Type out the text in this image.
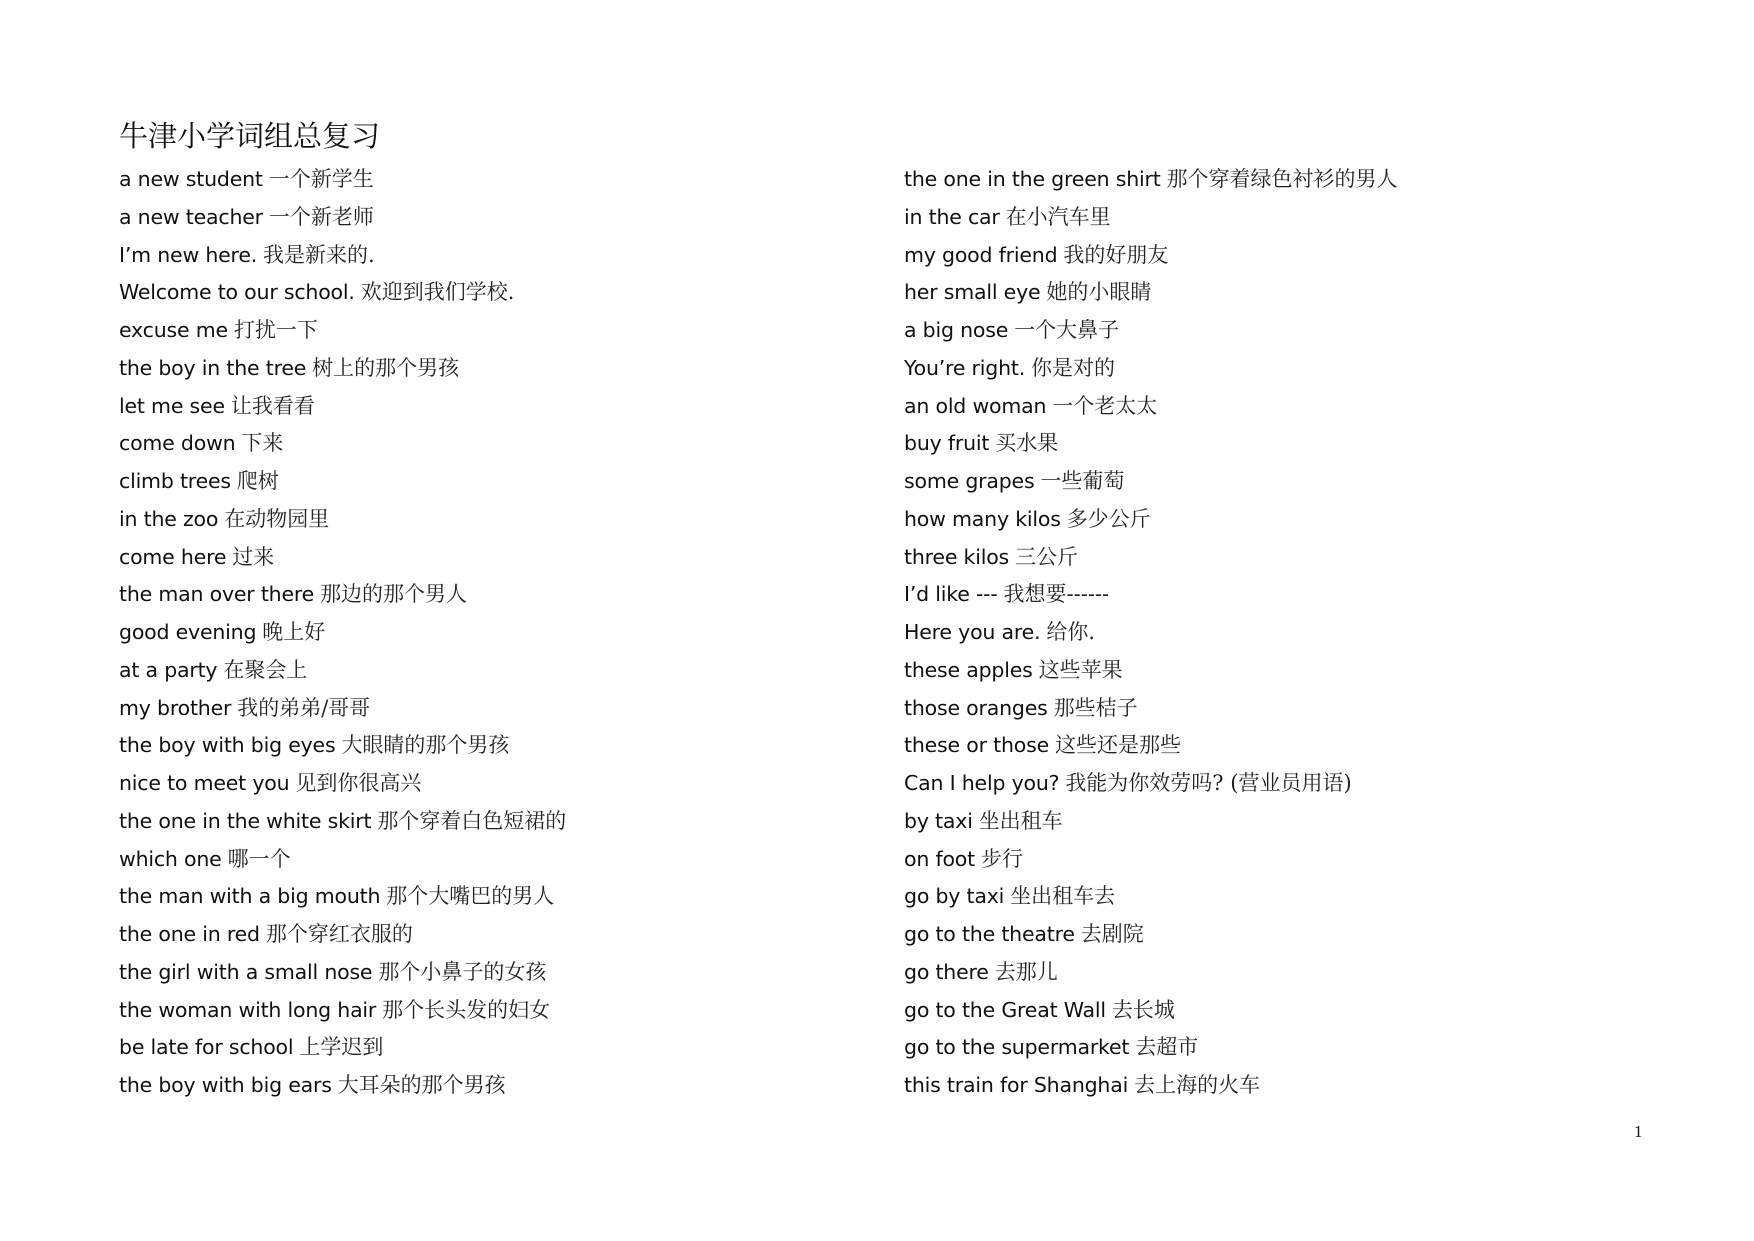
牛津小学词组总复习
a new student 一个新学生
a new teacher 一个新老师
I’m new here. 我是新来的.
Welcome to our school. 欢迎到我们学校.
excuse me 打扰一下
the boy in the tree 树上的那个男孩
let me see 让我看看
come down 下来
climb trees 爬树
in the zoo 在动物园里
come here 过来
the man over there 那边的那个男人
good evening 晚上好
at a party 在聚会上
my brother 我的弟弟/哥哥
the boy with big eyes 大眼睛的那个男孩
nice to meet you 见到你很高兴
the one in the white skirt 那个穿着白色短裙的
which one 哪一个
the man with a big mouth 那个大嘴巴的男人
the one in red 那个穿红衣服的
the girl with a small nose 那个小鼻子的女孩
the woman with long hair 那个长头发的妇女
be late for school 上学迟到
the boy with big ears 大耳朵的那个男孩
the one in the green shirt 那个穿着绿色衬衫的男人
in the car 在小汽车里
my good friend 我的好朋友
her small eye 她的小眼睛
a big nose 一个大鼻子
You’re right. 你是对的
an old woman 一个老太太
buy fruit 买水果
some grapes 一些葡萄
how many kilos 多少公斤
three kilos 三公斤
I’d like --- 我想要------
Here you are. 给你.
these apples 这些苹果
those oranges 那些桔子
these or those 这些还是那些
Can I help you? 我能为你效劳吗? (营业员用语)
by taxi 坐出租车
on foot 步行
go by taxi 坐出租车去
go to the theatre 去剧院
go there 去那儿
go to the Great Wall 去长城
go to the supermarket 去超市
this train for Shanghai 去上海的火车
1
